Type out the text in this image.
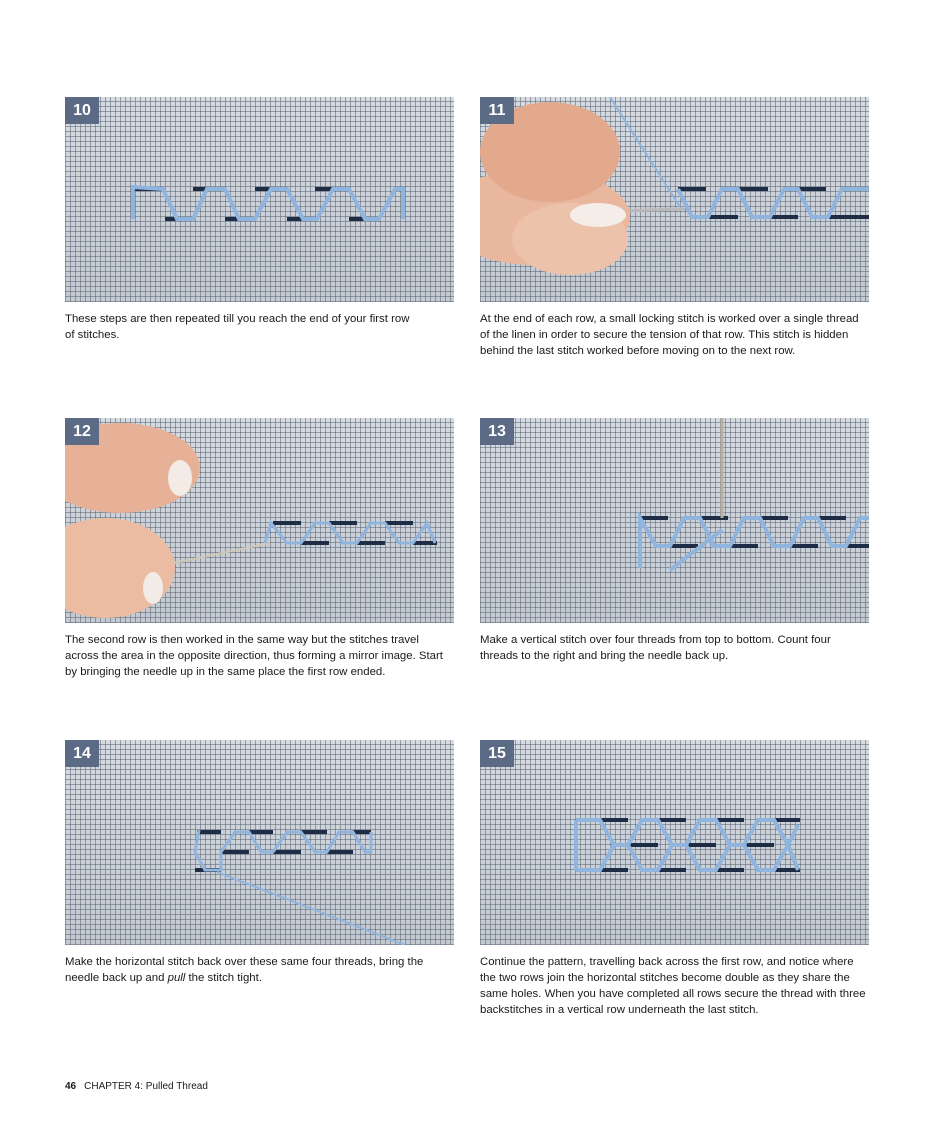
10
These steps are then repeated till you reach the end of your first row of stitches.
11
At the end of each row, a small locking stitch is worked over a single thread of the linen in order to secure the tension of that row. This stitch is hidden behind the last stitch worked before moving on to the next row.
12
The second row is then worked in the same way but the stitches travel across the area in the opposite direction, thus forming a mirror image. Start by bringing the needle up in the same place the first row ended.
13
Make a vertical stitch over four threads from top to bottom. Count four threads to the right and bring the needle back up.
14
Make the horizontal stitch back over these same four threads, bring the needle back up and pull the stitch tight.
15
Continue the pattern, travelling back across the first row, and notice where the two rows join the horizontal stitches become double as they share the same holes. When you have completed all rows secure the thread with three backstitches in a vertical row underneath the last stitch.
46 CHAPTER 4: Pulled Thread
